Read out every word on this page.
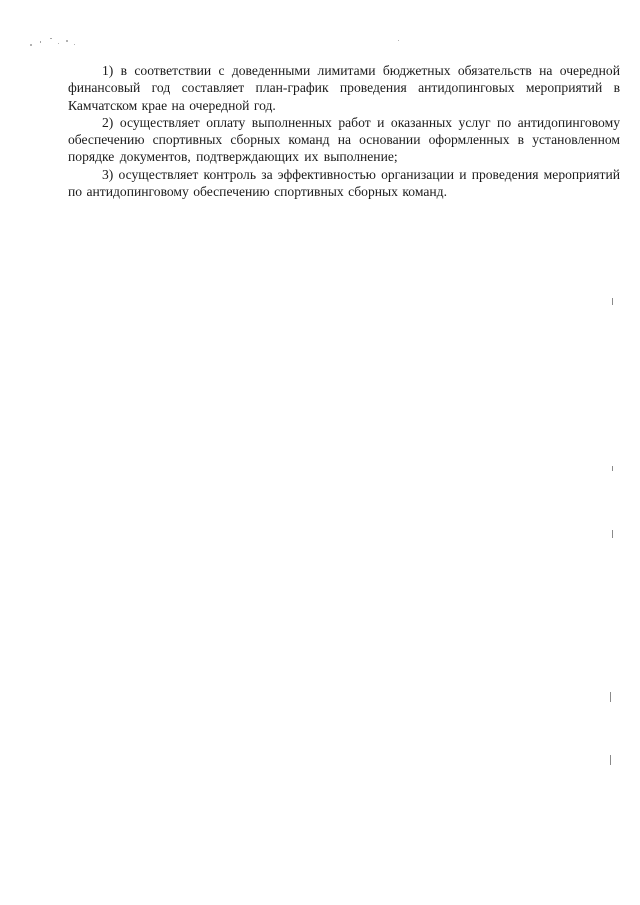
1) в соответствии с доведенными лимитами бюджетных обязательств на очередной финансовый год составляет план-график проведения антидопинговых мероприятий в Камчатском крае на очередной год.

2) осуществляет оплату выполненных работ и оказанных услуг по антидопинговому обеспечению спортивных сборных команд на основании оформленных в установленном порядке документов, подтверждающих их выполнение;

3) осуществляет контроль за эффективностью организации и проведения мероприятий по антидопинговому обеспечению спортивных сборных команд.
